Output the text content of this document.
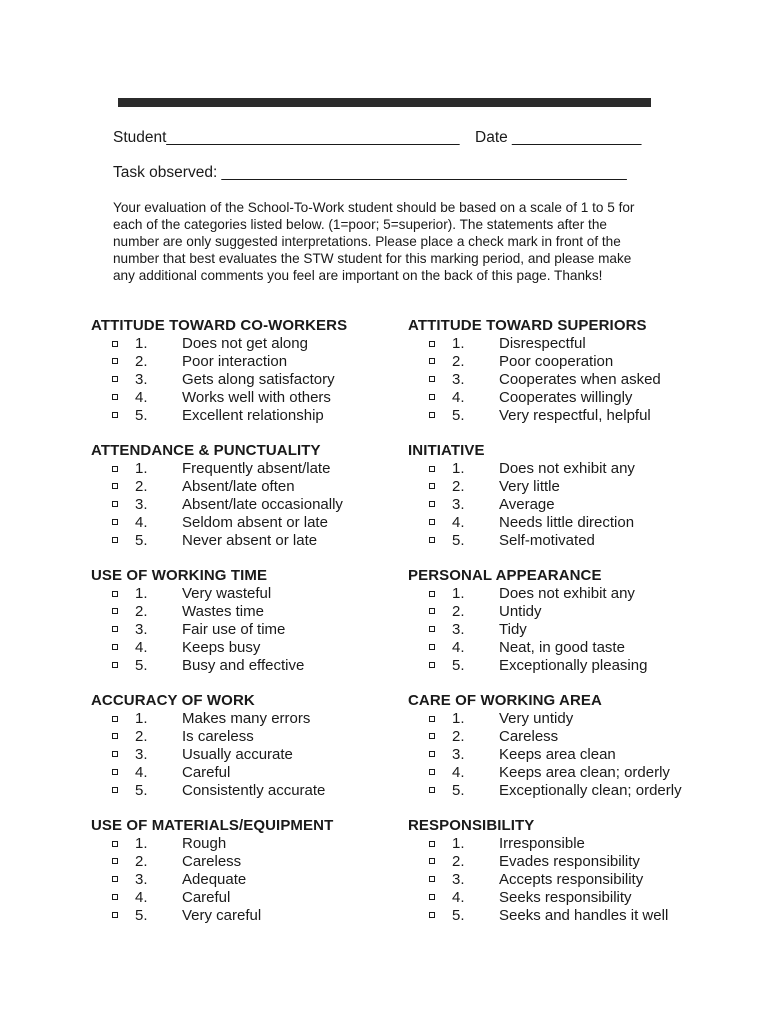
Student__________________________________ Date _______________
Task observed: _______________________________________________
Your evaluation of the School-To-Work student should be based on a scale of 1 to 5 for
each of the categories listed below. (1=poor; 5=superior). The statements after the
number are only suggested interpretations. Please place a check mark in front of the
number that best evaluates the STW student for this marking period, and please make
any additional comments you feel are important on the back of this page. Thanks!
ATTITUDE TOWARD CO-WORKERS
1. Does not get along
2. Poor interaction
3. Gets along satisfactory
4. Works well with others
5. Excellent relationship
ATTITUDE TOWARD SUPERIORS
1. Disrespectful
2. Poor cooperation
3. Cooperates when asked
4. Cooperates willingly
5. Very respectful, helpful
ATTENDANCE & PUNCTUALITY
1. Frequently absent/late
2. Absent/late often
3. Absent/late occasionally
4. Seldom absent or late
5. Never absent or late
INITIATIVE
1. Does not exhibit any
2. Very little
3. Average
4. Needs little direction
5. Self-motivated
USE OF WORKING TIME
1. Very wasteful
2. Wastes time
3. Fair use of time
4. Keeps busy
5. Busy and effective
PERSONAL APPEARANCE
1. Does not exhibit any
2. Untidy
3. Tidy
4. Neat, in good taste
5. Exceptionally pleasing
ACCURACY OF WORK
1. Makes many errors
2. Is careless
3. Usually accurate
4. Careful
5. Consistently accurate
CARE OF WORKING AREA
1. Very untidy
2. Careless
3. Keeps area clean
4. Keeps area clean; orderly
5. Exceptionally clean; orderly
USE OF MATERIALS/EQUIPMENT
1. Rough
2. Careless
3. Adequate
4. Careful
5. Very careful
RESPONSIBILITY
1. Irresponsible
2. Evades responsibility
3. Accepts responsibility
4. Seeks responsibility
5. Seeks and handles it well
